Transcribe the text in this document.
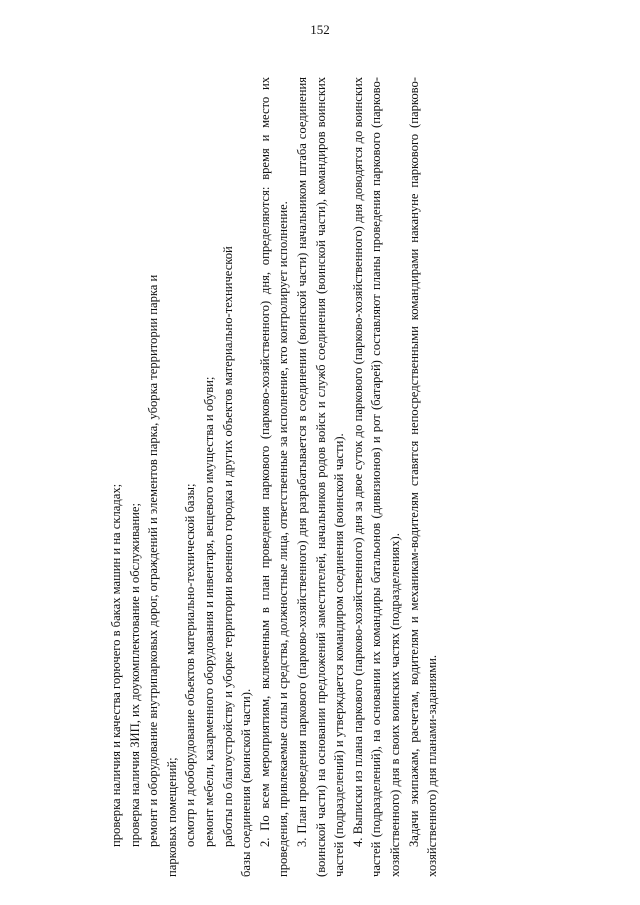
152

проверка наличия и качества горючего в баках машин и на складах; проверка наличия ЗИП, их доукомплектование и обслуживание; ремонт и оборудование внутрипарковых дорог, ограждений и элементов парка, уборка территории парка и парковых помещений; осмотр и дооборудование объектов материально-технической базы; ремонт мебели, казарменного оборудования и инвентаря, вещевого имущества и обуви; работы по благоустройству и уборке территории военного городка и других объектов материально-технической базы соединения (воинской части). 2. По всем мероприятиям, включенным в план проведения паркового (парково-хозяйственного) дня, определяются: время и место их проведения, привлекаемые силы и средства, должностные лица, ответственные за исполнение, кто контролирует исполнение. 3. План проведения паркового (парково-хозяйственного) дня разрабатывается в соединении (воинской части) начальником штаба соединения (воинской части) на основании предложений заместителей, начальников родов войск и служб соединения (воинской части), командиров воинских частей (подразделений) и утверждается командиром соединения (воинской части). 4. Выписки из плана паркового (парково-хозяйственного) дня за двое суток до паркового (парково-хозяйственного) дня доводятся до воинских частей (подразделений), на основании их командиры батальонов (дивизионов) и рот (батарей) составляют планы проведения паркового (парково-хозяйственного) дня в своих воинских частях (подразделениях). Задачи экипажам, расчетам, водителям и механикам-водителям ставятся непосредственными командирами накануне паркового (парково-хозяйственного) дня планами-заданиями.
